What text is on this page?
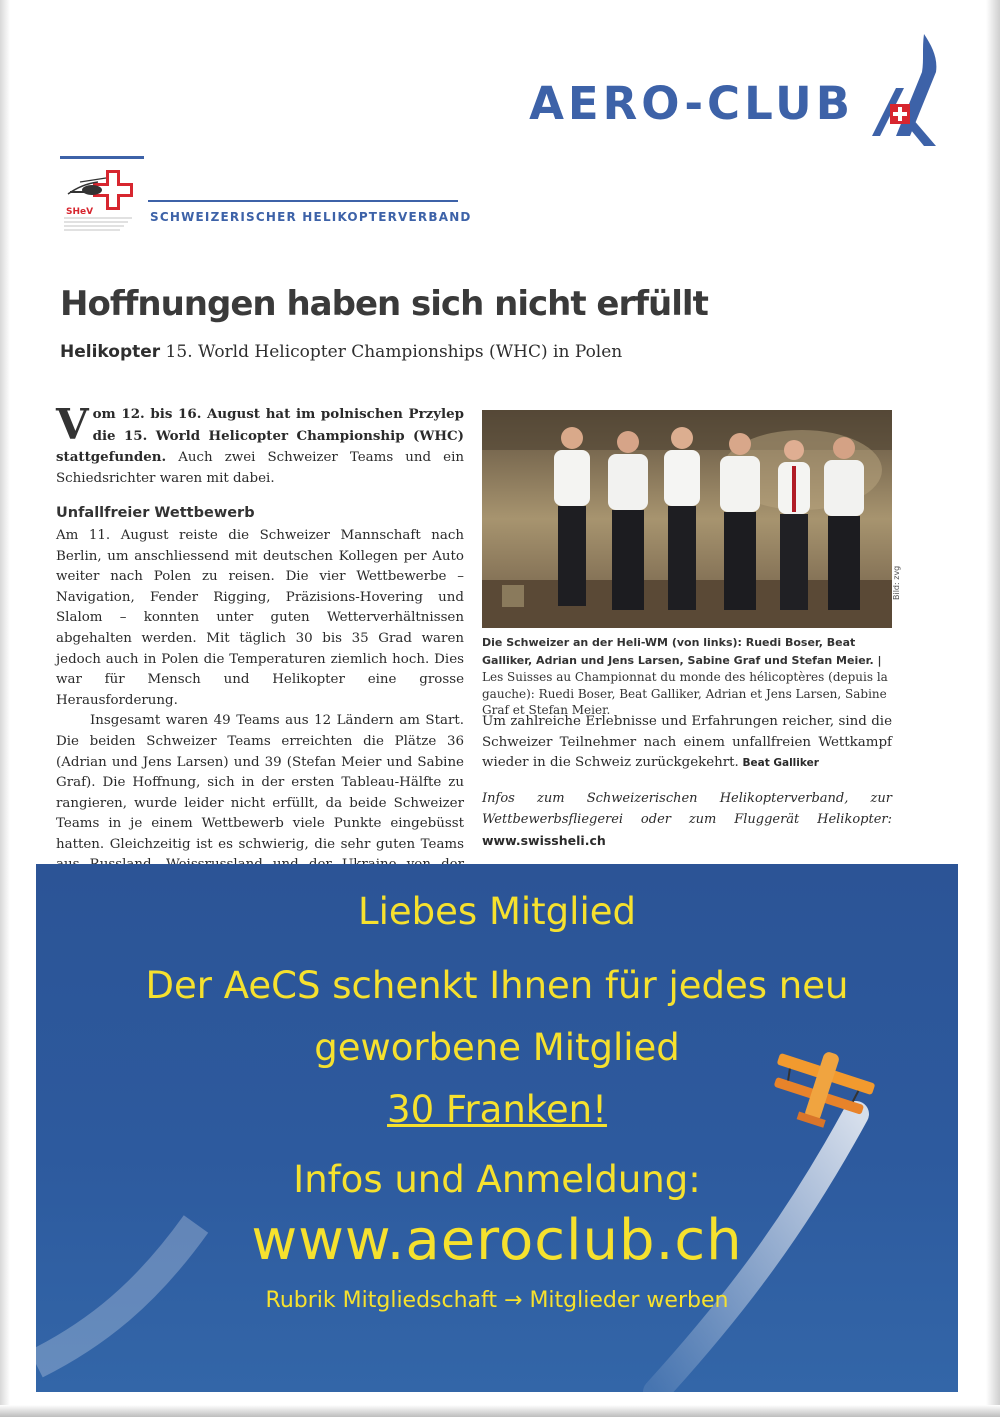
AERO-CLUB
SHeV	SCHWEIZERISCHER HELIKOPTERVERBAND
Hoffnungen haben sich nicht erfüllt

Helikopter 15. World Helicopter Championships (WHC) in Polen

Vom 12. bis 16. August hat im polnischen Przylep die 15. World Helicopter Championship (WHC) stattgefunden. Auch zwei Schweizer Teams und ein Schiedsrichter waren mit dabei.

Unfallfreier Wettbewerb

Am 11. August reiste die Schweizer Mannschaft nach Berlin, um anschliessend mit deutschen Kollegen per Auto weiter nach Polen zu reisen. Die vier Wettbewerbe – Navigation, Fender Rigging, Präzisions-Hovering und Slalom – konnten unter guten Wetterverhältnissen abgehalten werden. Mit täglich 30 bis 35 Grad waren jedoch auch in Polen die Temperaturen ziemlich hoch. Dies war für Mensch und Helikopter eine grosse Herausforderung.

Insgesamt waren 49 Teams aus 12 Ländern am Start. Die beiden Schweizer Teams erreichten die Plätze 36 (Adrian und Jens Larsen) und 39 (Stefan Meier und Sabine Graf). Die Hoffnung, sich in der ersten Tableau-Hälfte zu rangieren, wurde leider nicht erfüllt, da beide Schweizer Teams in je einem Wettbewerb viele Punkte eingebüsst hatten. Gleichzeitig ist es schwierig, die sehr guten Teams

Bild: zvg
Die Schweizer an der Heli-WM (von links): Ruedi Boser, Beat Galliker, Adrian und Jens Larsen, Sabine Graf und Stefan Meier. | Les Suisses au Championnat du monde des hélicoptères (depuis la gauche): Ruedi Boser, Beat Galliker, Adrian et Jens Larsen, Sabine Graf et Stefan Meier.

Um zahlreiche Erlebnisse und Erfahrungen reicher, sind die Schweizer Teilnehmer nach einem unfallfreien Wettkampf wieder in die Schweiz zurückgekehrt. Beat Galliker

Infos zum Schweizerischen Helikopterverband, zur Wettbewerbsfliegerei oder zum Fluggerät Helikopter: www.swissheli.ch

Liebes Mitglied
Der AeCS schenkt Ihnen für jedes neu
geworbene Mitglied
30 Franken!
Infos und Anmeldung:
www.aeroclub.ch
Rubrik Mitgliedschaft → Mitglieder werben
